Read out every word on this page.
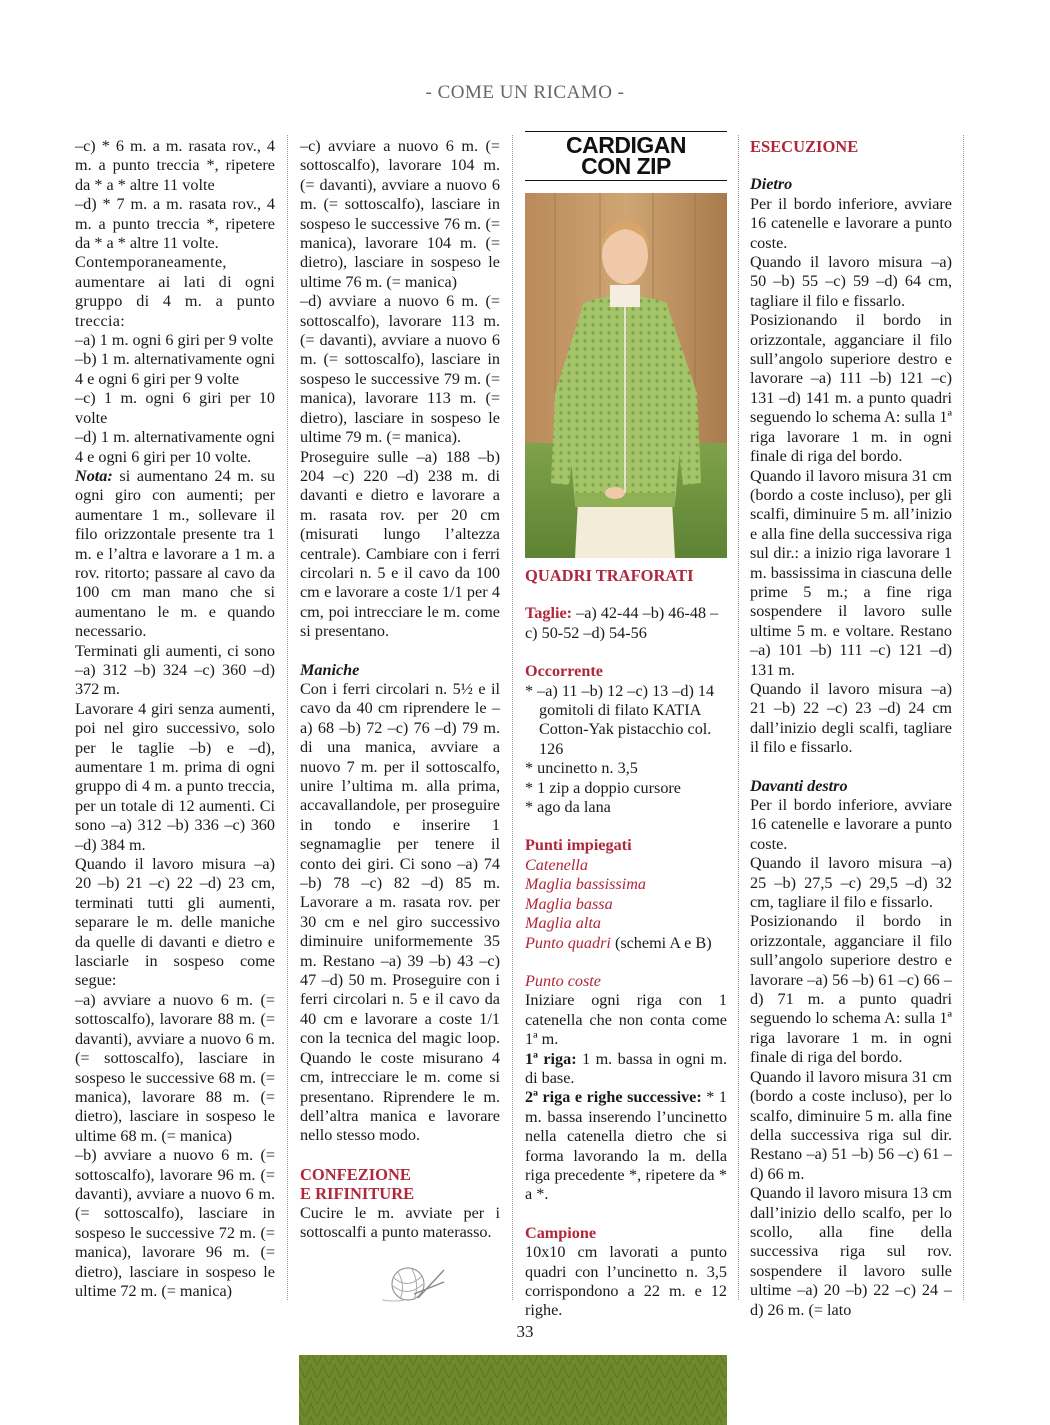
- COME UN RICAMO -

–c) * 6 m. a m. rasata rov., 4 m. a punto treccia *, ripetere da * a * altre 11 volte

–d) * 7 m. a m. rasata rov., 4 m. a punto treccia *, ripetere da * a * altre 11 volte.

Contemporaneamente, aumentare ai lati di ogni gruppo di 4 m. a punto treccia:

–a) 1 m. ogni 6 giri per 9 volte

–b) 1 m. alternativamente ogni 4 e ogni 6 giri per 9 volte

–c) 1 m. ogni 6 giri per 10 volte

–d) 1 m. alternativamente ogni 4 e ogni 6 giri per 10 volte.

Nota: si aumentano 24 m. su ogni giro con aumenti; per aumentare 1 m., sollevare il filo orizzontale presente tra 1 m. e l’altra e lavorare a 1 m. a rov. ritorto; passare al cavo da 100 cm man mano che si aumentano le m. e quando necessario.

Terminati gli aumenti, ci sono –a) 312 –b) 324 –c) 360 –d) 372 m.

Lavorare 4 giri senza aumenti, poi nel giro successivo, solo per le taglie –b) e –d), aumentare 1 m. prima di ogni gruppo di 4 m. a punto treccia, per un totale di 12 aumenti. Ci sono –a) 312 –b) 336 –c) 360 –d) 384 m.

Quando il lavoro misura –a) 20 –b) 21 –c) 22 –d) 23 cm, terminati tutti gli aumenti, separare le m. delle maniche da quelle di davanti e dietro e lasciarle in sospeso come segue:

–a) avviare a nuovo 6 m. (= sottoscalfo), lavorare 88 m. (= davanti), avviare a nuovo 6 m. (= sottoscalfo), lasciare in sospeso le successive 68 m. (= manica), lavorare 88 m. (= dietro), lasciare in sospeso le ultime 68 m. (= manica)

–b) avviare a nuovo 6 m. (= sottoscalfo), lavorare 96 m. (= davanti), avviare a nuovo 6 m. (= sottoscalfo), lasciare in sospeso le successive 72 m. (= manica), lavorare 96 m. (= dietro), lasciare in sospeso le ultime 72 m. (= manica)

–c) avviare a nuovo 6 m. (= sottoscalfo), lavorare 104 m. (= davanti), avviare a nuovo 6 m. (= sottoscalfo), lasciare in sospeso le successive 76 m. (= manica), lavorare 104 m. (= dietro), lasciare in sospeso le ultime 76 m. (= manica)

–d) avviare a nuovo 6 m. (= sottoscalfo), lavorare 113 m. (= davanti), avviare a nuovo 6 m. (= sottoscalfo), lasciare in sospeso le successive 79 m. (= manica), lavorare 113 m. (= dietro), lasciare in sospeso le ultime 79 m. (= manica).

Proseguire sulle –a) 188 –b) 204 –c) 220 –d) 238 m. di davanti e dietro e lavorare a m. rasata rov. per 20 cm (misurati lungo l’altezza centrale). Cambiare con i ferri circolari n. 5 e il cavo da 100 cm e lavorare a coste 1/1 per 4 cm, poi intrecciare le m. come si presentano.

Maniche

Con i ferri circolari n. 5½ e il cavo da 40 cm riprendere le –a) 68 –b) 72 –c) 76 –d) 79 m. di una manica, avviare a nuovo 7 m. per il sottoscalfo, unire l’ultima m. alla prima, accavallandole, per proseguire in tondo e inserire 1 segnamaglie per tenere il conto dei giri. Ci sono –a) 74 –b) 78 –c) 82 –d) 85 m. Lavorare a m. rasata rov. per 30 cm e nel giro successivo diminuire uniformemente 35 m. Restano –a) 39 –b) 43 –c) 47 –d) 50 m. Proseguire con i ferri circolari n. 5 e il cavo da 40 cm e lavorare a coste 1/1 con la tecnica del magic loop. Quando le coste misurano 4 cm, intrecciare le m. come si presentano. Riprendere le m. dell’altra manica e lavorare nello stesso modo.

CONFEZIONE

E RIFINITURE

Cucire le m. avviate per i sottoscalfi a punto materasso.

CARDIGAN
CON ZIP

QUADRI TRAFORATI

Taglie: –a) 42-44 –b) 46-48 –c) 50-52 –d) 54-56

Occorrente

* –a) 11 –b) 12 –c) 13 –d) 14 gomitoli di filato KATIA Cotton-Yak pistacchio col. 126

* uncinetto n. 3,5

* 1 zip a doppio cursore

* ago da lana

Punti impiegati

Catenella

Maglia bassissima

Maglia bassa

Maglia alta

Punto quadri (schemi A e B)

Punto coste

Iniziare ogni riga con 1 catenella che non conta come 1ª m.

1ª riga: 1 m. bassa in ogni m. di base.

2ª riga e righe successive: * 1 m. bassa inserendo l’uncinetto nella catenella dietro che si forma lavorando la m. della riga precedente *, ripetere da * a *.

Campione

10x10 cm lavorati a punto quadri con l’uncinetto n. 3,5 corrispondono a 22 m. e 12 righe.

ESECUZIONE

Dietro

Per il bordo inferiore, avviare 16 catenelle e lavorare a punto coste.

Quando il lavoro misura –a) 50 –b) 55 –c) 59 –d) 64 cm, tagliare il filo e fissarlo.

Posizionando il bordo in orizzontale, agganciare il filo sull’angolo superiore destro e lavorare –a) 111 –b) 121 –c) 131 –d) 141 m. a punto quadri seguendo lo schema A: sulla 1ª riga lavorare 1 m. in ogni finale di riga del bordo.

Quando il lavoro misura 31 cm (bordo a coste incluso), per gli scalfi, diminuire 5 m. all’inizio e alla fine della successiva riga sul dir.: a inizio riga lavorare 1 m. bassissima in ciascuna delle prime 5 m.; a fine riga sospendere il lavoro sulle ultime 5 m. e voltare. Restano –a) 101 –b) 111 –c) 121 –d) 131 m.

Quando il lavoro misura –a) 21 –b) 22 –c) 23 –d) 24 cm dall’inizio degli scalfi, tagliare il filo e fissarlo.

Davanti destro

Per il bordo inferiore, avviare 16 catenelle e lavorare a punto coste.

Quando il lavoro misura –a) 25 –b) 27,5 –c) 29,5 –d) 32 cm, tagliare il filo e fissarlo.

Posizionando il bordo in orizzontale, agganciare il filo sull’angolo superiore destro e lavorare –a) 56 –b) 61 –c) 66 –d) 71 m. a punto quadri seguendo lo schema A: sulla 1ª riga lavorare 1 m. in ogni finale di riga del bordo.

Quando il lavoro misura 31 cm (bordo a coste incluso), per lo scalfo, diminuire 5 m. alla fine della successiva riga sul dir. Restano –a) 51 –b) 56 –c) 61 –d) 66 m.

Quando il lavoro misura 13 cm dall’inizio dello scalfo, per lo scollo, alla fine della successiva riga sul rov. sospendere il lavoro sulle ultime –a) 20 –b) 22 –c) 24 –d) 26 m. (= lato

33
